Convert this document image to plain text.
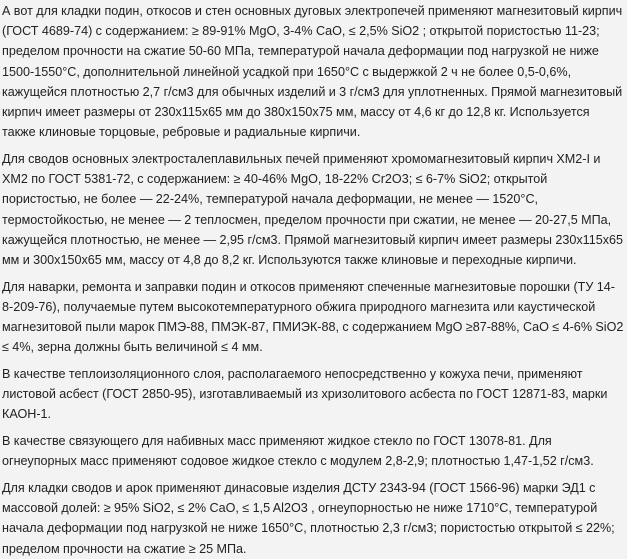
А вот для кладки подин, откосов и стен основных дуговых электропечей применяют магнезитовый кирпич (ГОСТ 4689-74) с содержанием: ≥ 89-91% MgO, 3-4% CaO, ≤ 2,5% SiO2 ; открытой пористостью 11-23; пределом прочности на сжатие 50-60 МПа, температурой начала деформации под нагрузкой не ниже 1500-1550°С, дополнительной линейной усадкой при 1650°С с выдержкой 2 ч не более 0,5-0,6%, кажущейся плотностью 2,7 г/см3 для обычных изделий и 3 г/см3 для уплотненных. Прямой магнезитовый кирпич имеет размеры от 230х115х65 мм до 380х150х75 мм, массу от 4,6 кг до 12,8 кг. Используется также клиновые торцовые, ребровые и радиальные кирпичи.

Для сводов основных электросталеплавильных печей применяют хромомагнезитовый кирпич ХМ2-I и ХМ2 по ГОСТ 5381-72, с содержанием: ≥ 40-46% MgO, 18-22% Cr2O3; ≤ 6-7% SiO2; открытой пористостью, не более — 22-24%, температурой начала деформации, не менее — 1520°С, термостойкостью, не менее — 2 теплосмен, пределом прочности при сжатии, не менее — 20-27,5 МПа, кажущейся плотностью, не менее — 2,95 г/см3. Прямой магнезитовый кирпич имеет размеры 230х115х65 мм и 300х150х65 мм, массу от 4,8 до 8,2 кг. Используются также клиновые и переходные кирпичи.

Для наварки, ремонта и заправки подин и откосов применяют спеченные магнезитовые порошки (ТУ 14-8-209-76), получаемые путем высокотемпературного обжига природного магнезита или каустической магнезитовой пыли марок ПМЭ-88, ПМЭК-87, ПМИЭК-88, с содержанием MgO ≥87-88%, CaO ≤ 4-6% SiO2 ≤ 4%, зерна должны быть величиной ≤ 4 мм.

В качестве теплоизоляционного слоя, располагаемого непосредственно у кожуха печи, применяют листовой асбест (ГОСТ 2850-95), изготавливаемый из хризолитового асбеста по ГОСТ 12871-83, марки КАОН-1.

В качестве связующего для набивных масс применяют жидкое стекло по ГОСТ 13078-81. Для огнеупорных масс применяют содовое жидкое стекло с модулем 2,8-2,9; плотностью 1,47-1,52 г/см3.

Для кладки сводов и арок применяют динасовые изделия ДСТУ 2343-94 (ГОСТ 1566-96) марки ЭД1 с массовой долей: ≥ 95% SiO2, ≤ 2% CaO, ≤ 1,5 Al2O3 , огнеупорностью не ниже 1710°С, температурой начала деформации под нагрузкой не ниже 1650°С, плотностью 2,3 г/см3; пористостью открытой ≤ 22%; пределом прочности на сжатие ≥ 25 МПа.
